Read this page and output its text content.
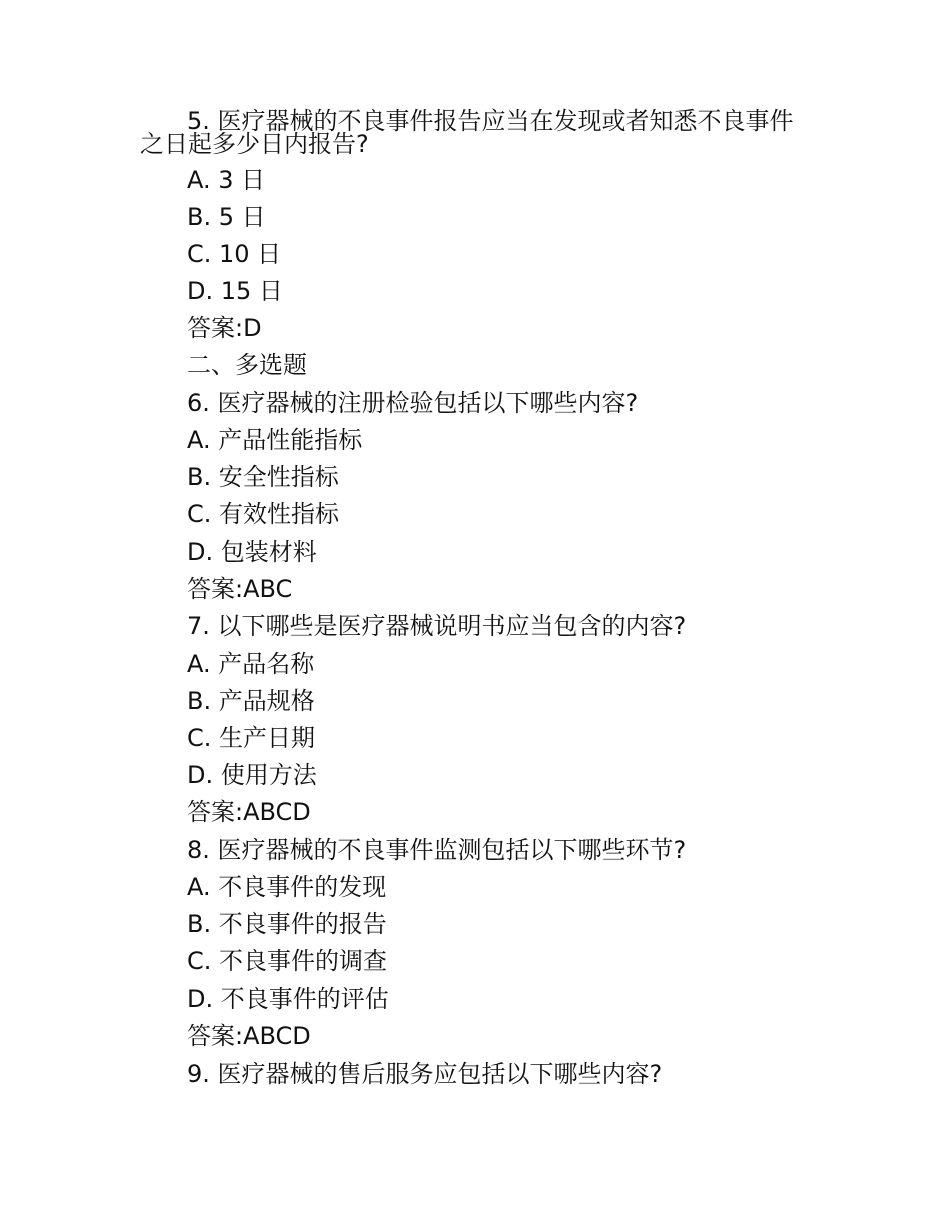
5. 医疗器械的不良事件报告应当在发现或者知悉不良事件
之日起多少日内报告?
A. 3 日
B. 5 日
C. 10 日
D. 15 日
答案:D
二、多选题
6. 医疗器械的注册检验包括以下哪些内容?
A. 产品性能指标
B. 安全性指标
C. 有效性指标
D. 包装材料
答案:ABC
7. 以下哪些是医疗器械说明书应当包含的内容?
A. 产品名称
B. 产品规格
C. 生产日期
D. 使用方法
答案:ABCD
8. 医疗器械的不良事件监测包括以下哪些环节?
A. 不良事件的发现
B. 不良事件的报告
C. 不良事件的调查
D. 不良事件的评估
答案:ABCD
9. 医疗器械的售后服务应包括以下哪些内容?
